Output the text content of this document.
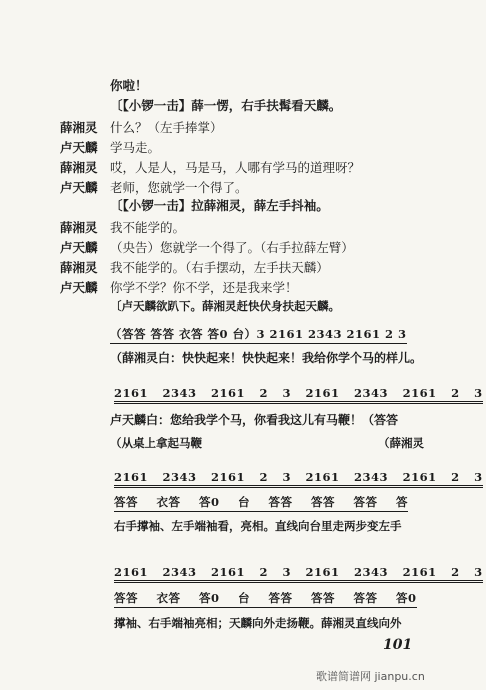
你啦！
〔【小锣一击】薛一愣，右手扶髯看天麟。
薛湘灵 什么？（左手捧掌）
卢天麟 学马走。
薛湘灵 哎，人是人，马是马，人哪有学马的道理呀？
卢天麟 老师，您就学一个得了。
〔【小锣一击】拉薛湘灵，薛左手抖袖。
薛湘灵 我不能学的。
卢天麟 （央告）您就学一个得了。（右手拉薛左臂）
薛湘灵 我不能学的。（右手摆动，左手扶天麟）
卢天麟 你学不学？你不学，还是我来学！
〔卢天麟欲趴下。薛湘灵赶快伏身扶起天麟。
（答答 答答 衣答 答0 台）3 2161 2343 2161 2 3
（薛湘灵白：快快起来！快快起来！我给你学个马的样儿。
2161 2343 2161 2 3 2161 2343 2161 2 3
卢天麟白：您给我学个马，你看我这儿有马鞭！（答答
（从桌上拿起马鞭	（薛湘灵
2161 2343 2161 2 3 2161 2343 2161 2 3
答答 衣答 答0 台 答答 答答 答答 答
右手撑袖、左手端袖看，亮相。直线向台里走两步变左手
2161 2343 2161 2 3 2161 2343 2161 2 3
答答 衣答 答0 台 答答 答答 答答 答0
撑袖、右手端袖亮相；天麟向外走扬鞭。薛湘灵直线向外
101
歌谱简谱网 jianpu.cn
